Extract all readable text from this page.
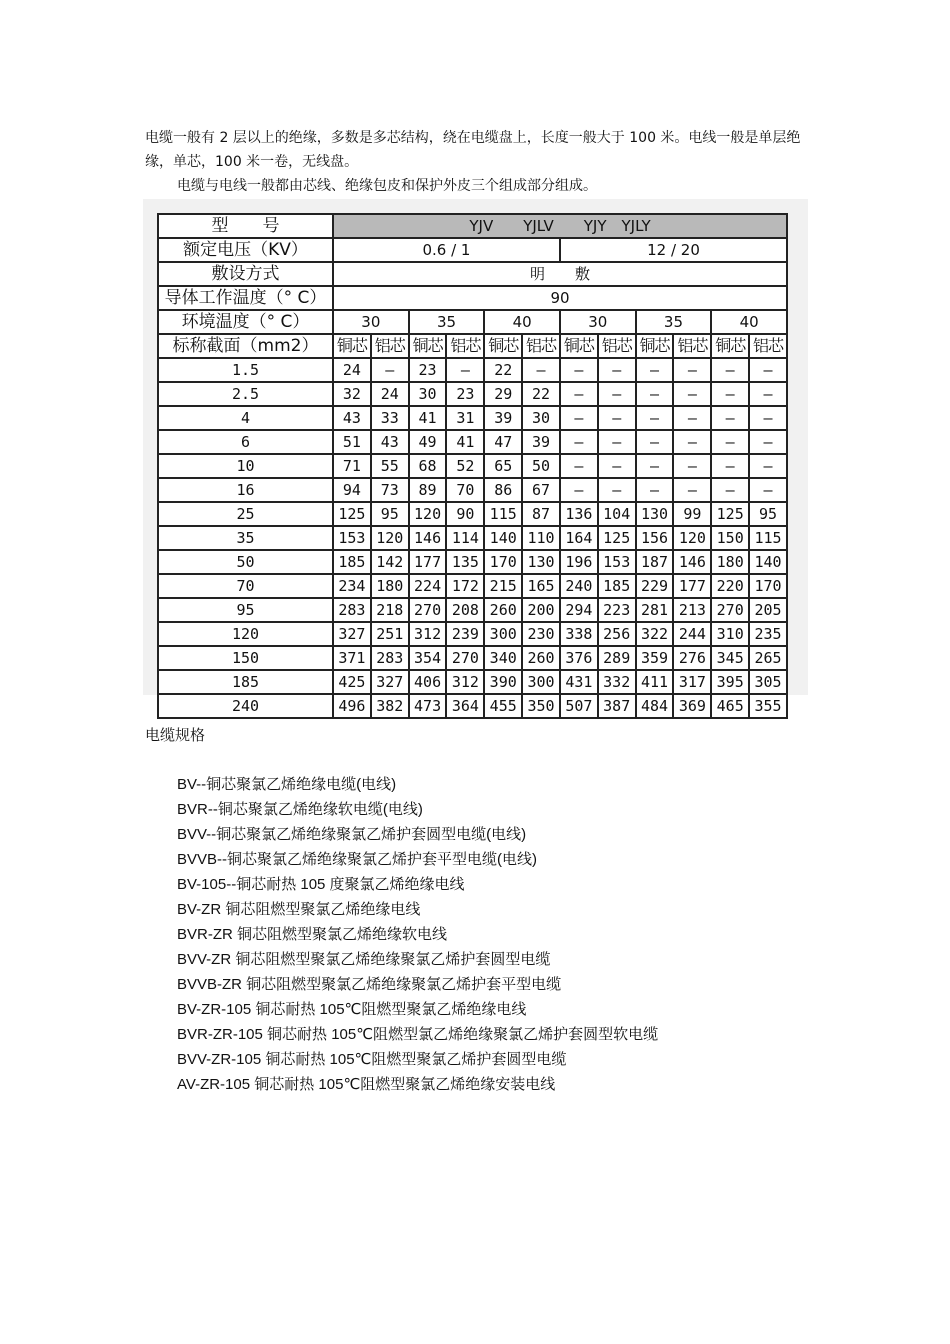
电缆一般有 2 层以上的绝缘，多数是多芯结构，绕在电缆盘上，长度一般大于 100 米。电线一般是单层绝缘，单芯，100 米一卷，无线盘。
电缆与电线一般都由芯线、绝缘包皮和保护外皮三个组成部分组成。
型　　号	YJV　　YJLV　　YJY　YJLY											
额定电压（KV）	0.6 / 1						12 / 20					
敷设方式	明　　敷											
导体工作温度（° C）	90											
环境温度（° C）	30		35		40		30		35		40	
标称截面（mm2）	铜芯	铝芯	铜芯	铝芯	铜芯	铝芯	铜芯	铝芯	铜芯	铝芯	铜芯	铝芯
1.5	24	–	23	–	22	–	–	–	–	–	–	–
2.5	32	24	30	23	29	22	–	–	–	–	–	–
4	43	33	41	31	39	30	–	–	–	–	–	–
6	51	43	49	41	47	39	–	–	–	–	–	–
10	71	55	68	52	65	50	–	–	–	–	–	–
16	94	73	89	70	86	67	–	–	–	–	–	–
25	125	95	120	90	115	87	136	104	130	99	125	95
35	153	120	146	114	140	110	164	125	156	120	150	115
50	185	142	177	135	170	130	196	153	187	146	180	140
70	234	180	224	172	215	165	240	185	229	177	220	170
95	283	218	270	208	260	200	294	223	281	213	270	205
120	327	251	312	239	300	230	338	256	322	244	310	235
150	371	283	354	270	340	260	376	289	359	276	345	265
185	425	327	406	312	390	300	431	332	411	317	395	305
240	496	382	473	364	455	350	507	387	484	369	465	355
电缆规格
BV--铜芯聚氯乙烯绝缘电缆(电线)
BVR--铜芯聚氯乙烯绝缘软电缆(电线)
BVV--铜芯聚氯乙烯绝缘聚氯乙烯护套圆型电缆(电线)
BVVB--铜芯聚氯乙烯绝缘聚氯乙烯护套平型电缆(电线)
BV-105--铜芯耐热 105 度聚氯乙烯绝缘电线
BV-ZR 铜芯阻燃型聚氯乙烯绝缘电线
BVR-ZR 铜芯阻燃型聚氯乙烯绝缘软电线
BVV-ZR 铜芯阻燃型聚氯乙烯绝缘聚氯乙烯护套圆型电缆
BVVB-ZR 铜芯阻燃型聚氯乙烯绝缘聚氯乙烯护套平型电缆
BV-ZR-105 铜芯耐热 105℃阻燃型聚氯乙烯绝缘电线
BVR-ZR-105 铜芯耐热 105℃阻燃型氯乙烯绝缘聚氯乙烯护套圆型软电缆
BVV-ZR-105 铜芯耐热 105℃阻燃型聚氯乙烯护套圆型电缆
AV-ZR-105 铜芯耐热 105℃阻燃型聚氯乙烯绝缘安装电线
